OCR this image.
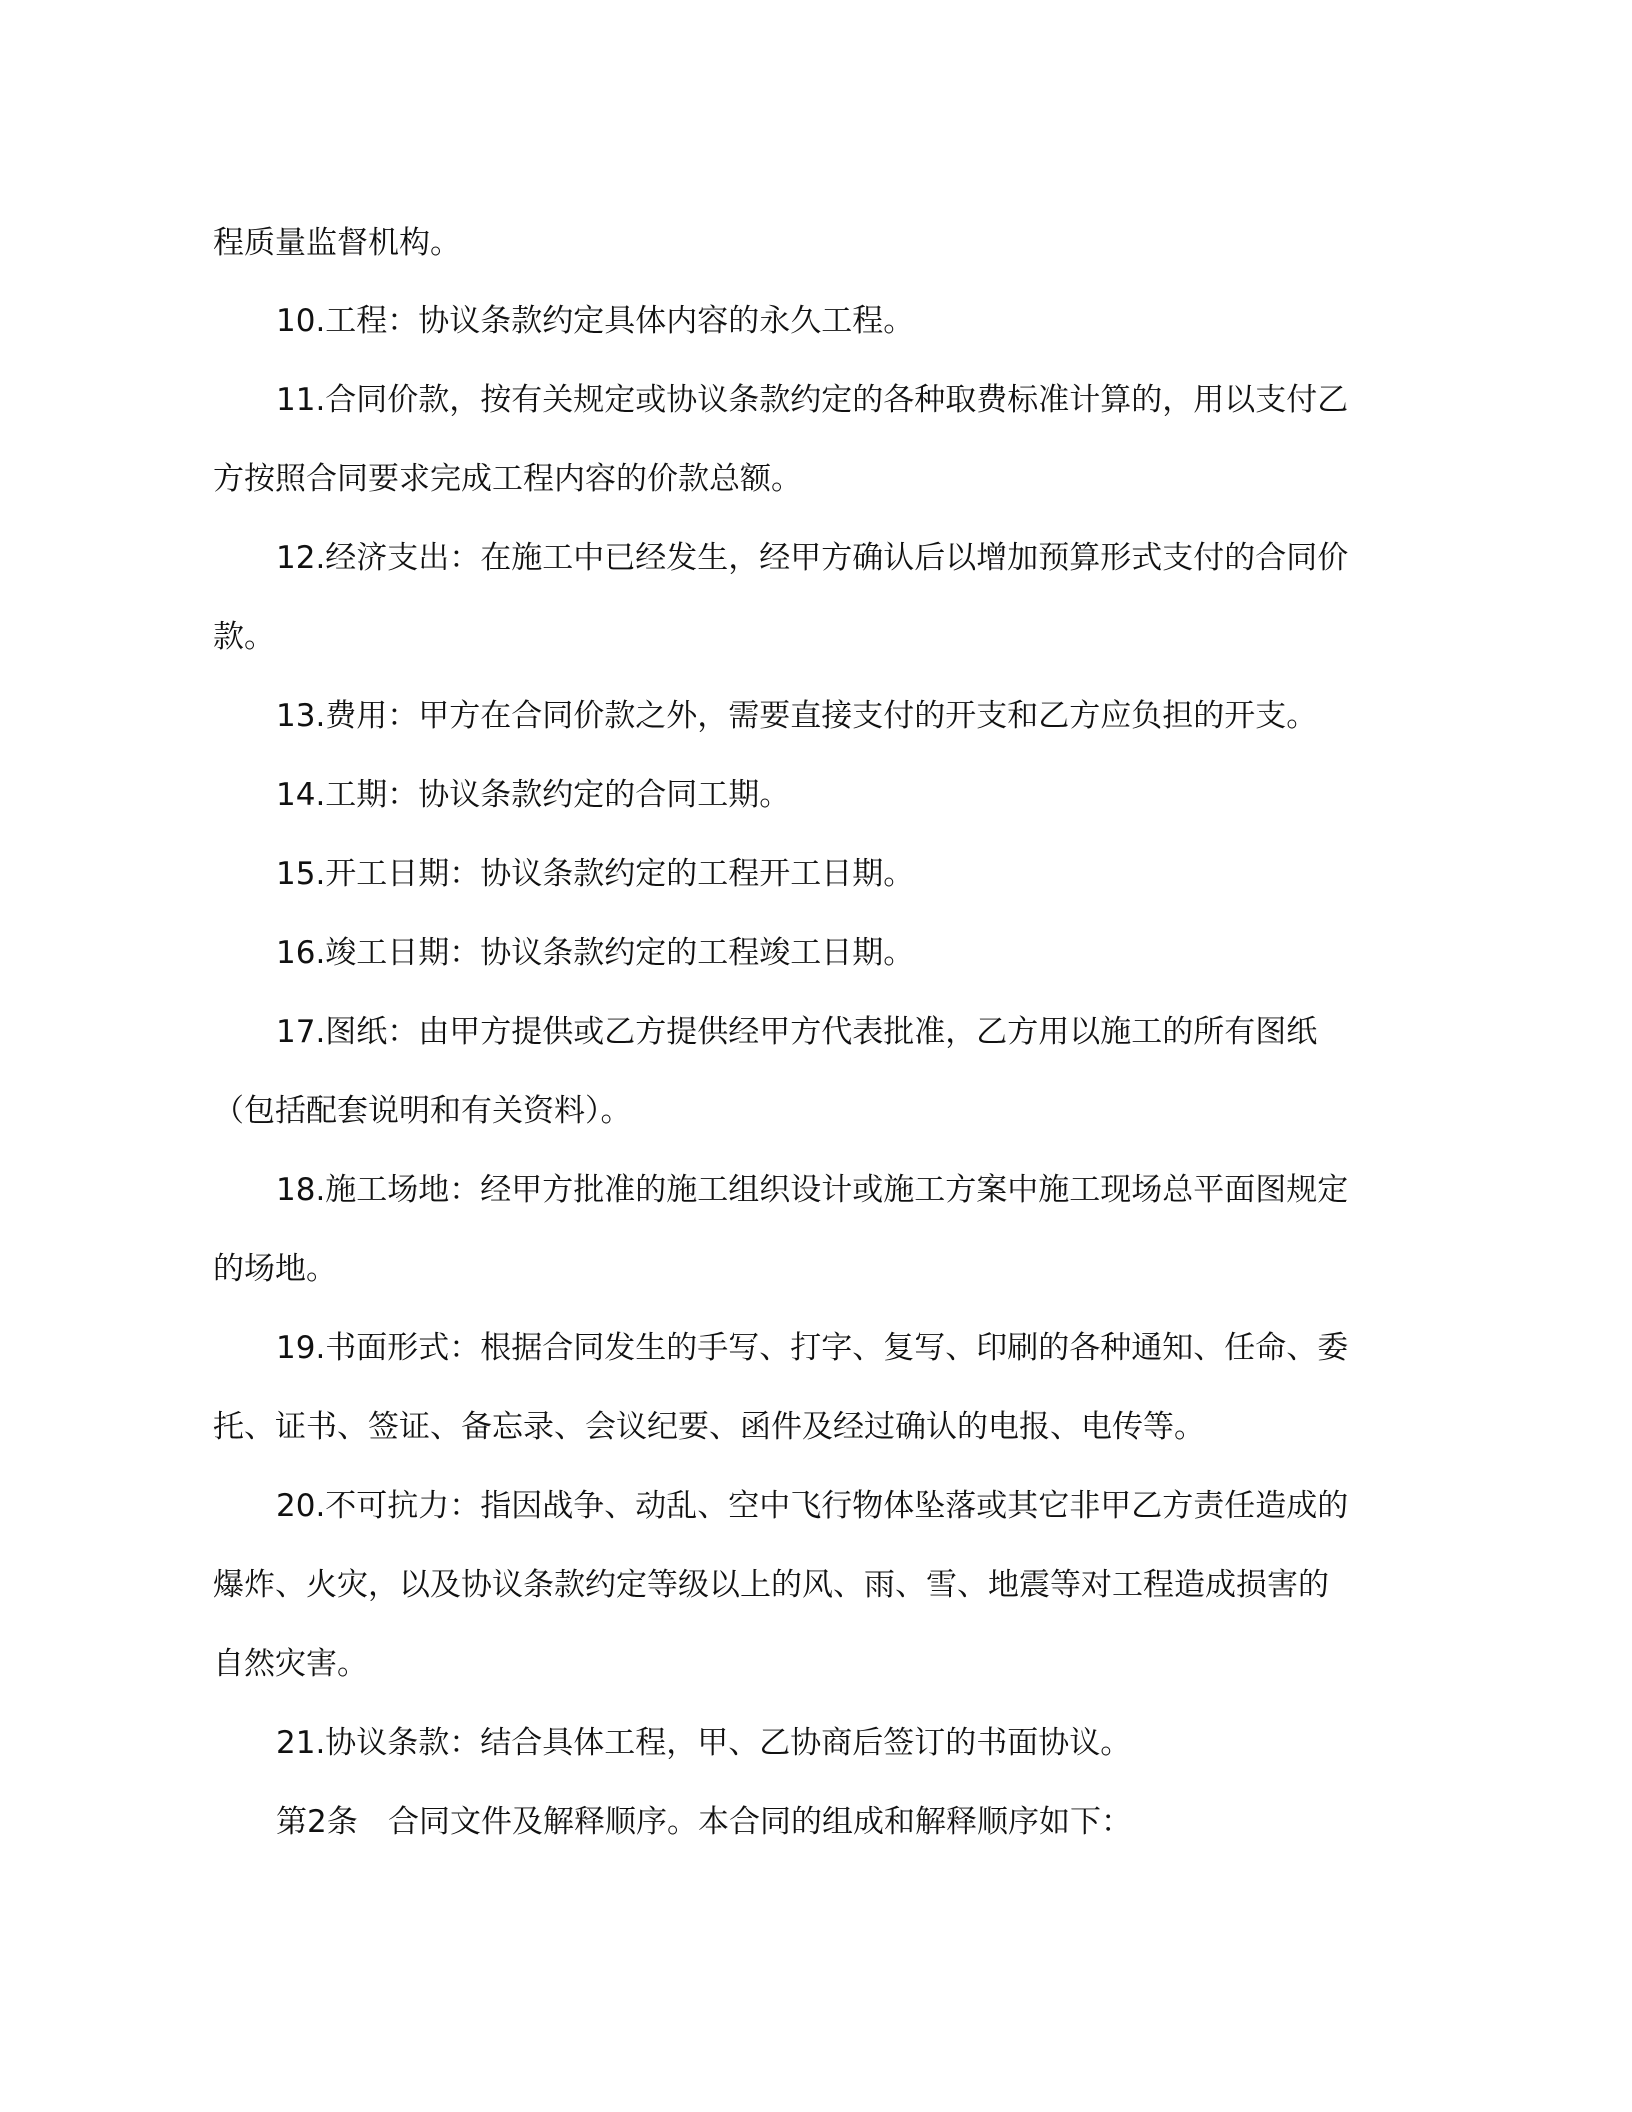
程质量监督机构。
10.工程：协议条款约定具体内容的永久工程。
11.合同价款，按有关规定或协议条款约定的各种取费标准计算的，用以支付乙
方按照合同要求完成工程内容的价款总额。
12.经济支出：在施工中已经发生，经甲方确认后以增加预算形式支付的合同价
款。
13.费用：甲方在合同价款之外，需要直接支付的开支和乙方应负担的开支。
14.工期：协议条款约定的合同工期。
15.开工日期：协议条款约定的工程开工日期。
16.竣工日期：协议条款约定的工程竣工日期。
17.图纸：由甲方提供或乙方提供经甲方代表批准，乙方用以施工的所有图纸
（包括配套说明和有关资料）。
18.施工场地：经甲方批准的施工组织设计或施工方案中施工现场总平面图规定
的场地。
19.书面形式：根据合同发生的手写、打字、复写、印刷的各种通知、任命、委
托、证书、签证、备忘录、会议纪要、函件及经过确认的电报、电传等。
20.不可抗力：指因战争、动乱、空中飞行物体坠落或其它非甲乙方责任造成的
爆炸、火灾，以及协议条款约定等级以上的风、雨、雪、地震等对工程造成损害的
自然灾害。
21.协议条款：结合具体工程，甲、乙协商后签订的书面协议。
第2条 合同文件及解释顺序。本合同的组成和解释顺序如下：
